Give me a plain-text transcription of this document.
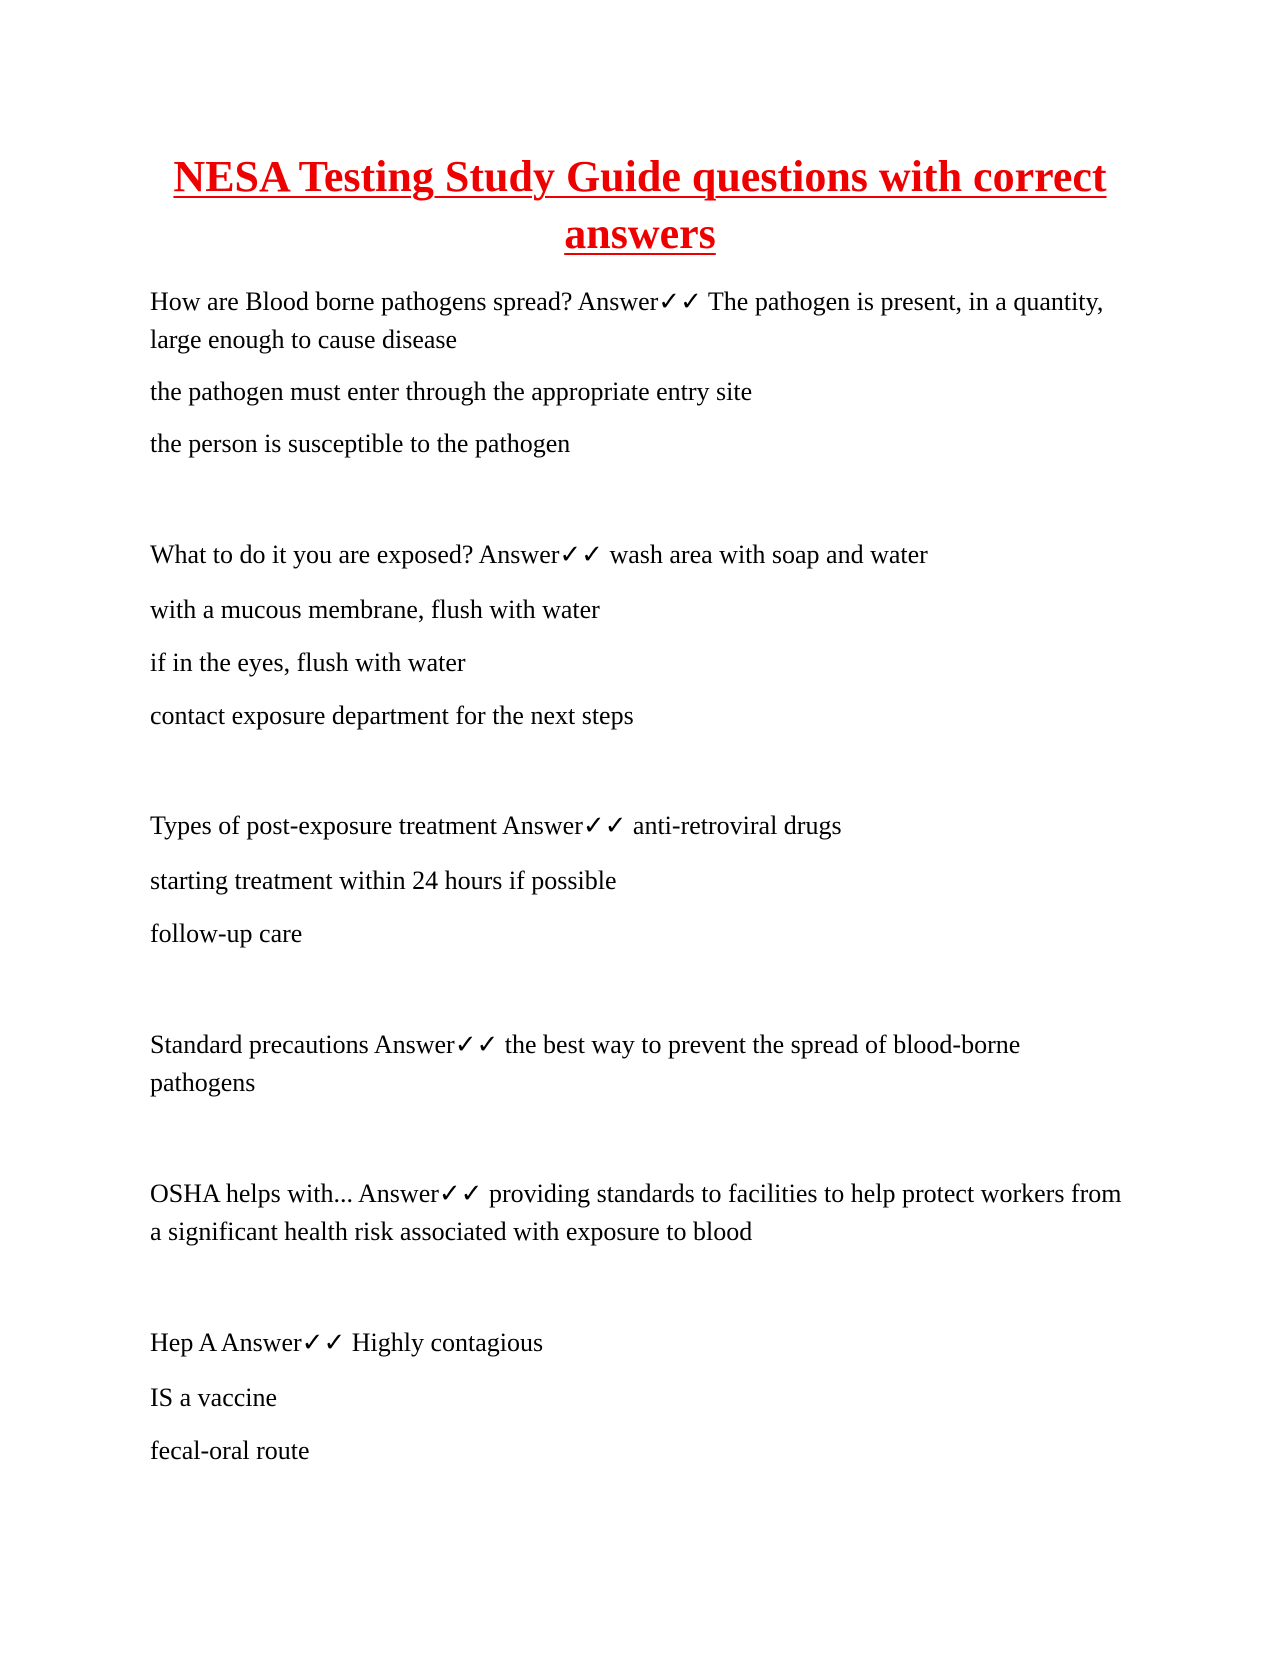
NESA Testing Study Guide questions with correct answers

How are Blood borne pathogens spread? Answer✓✓ The pathogen is present, in a quantity, large enough to cause disease

the pathogen must enter through the appropriate entry site

the person is susceptible to the pathogen

What to do it you are exposed? Answer✓✓ wash area with soap and water

with a mucous membrane, flush with water

if in the eyes, flush with water

contact exposure department for the next steps

Types of post-exposure treatment Answer✓✓ anti-retroviral drugs

starting treatment within 24 hours if possible

follow-up care

Standard precautions Answer✓✓ the best way to prevent the spread of blood-borne pathogens

OSHA helps with... Answer✓✓ providing standards to facilities to help protect workers from a significant health risk associated with exposure to blood

Hep A Answer✓✓ Highly contagious

IS a vaccine

fecal-oral route
